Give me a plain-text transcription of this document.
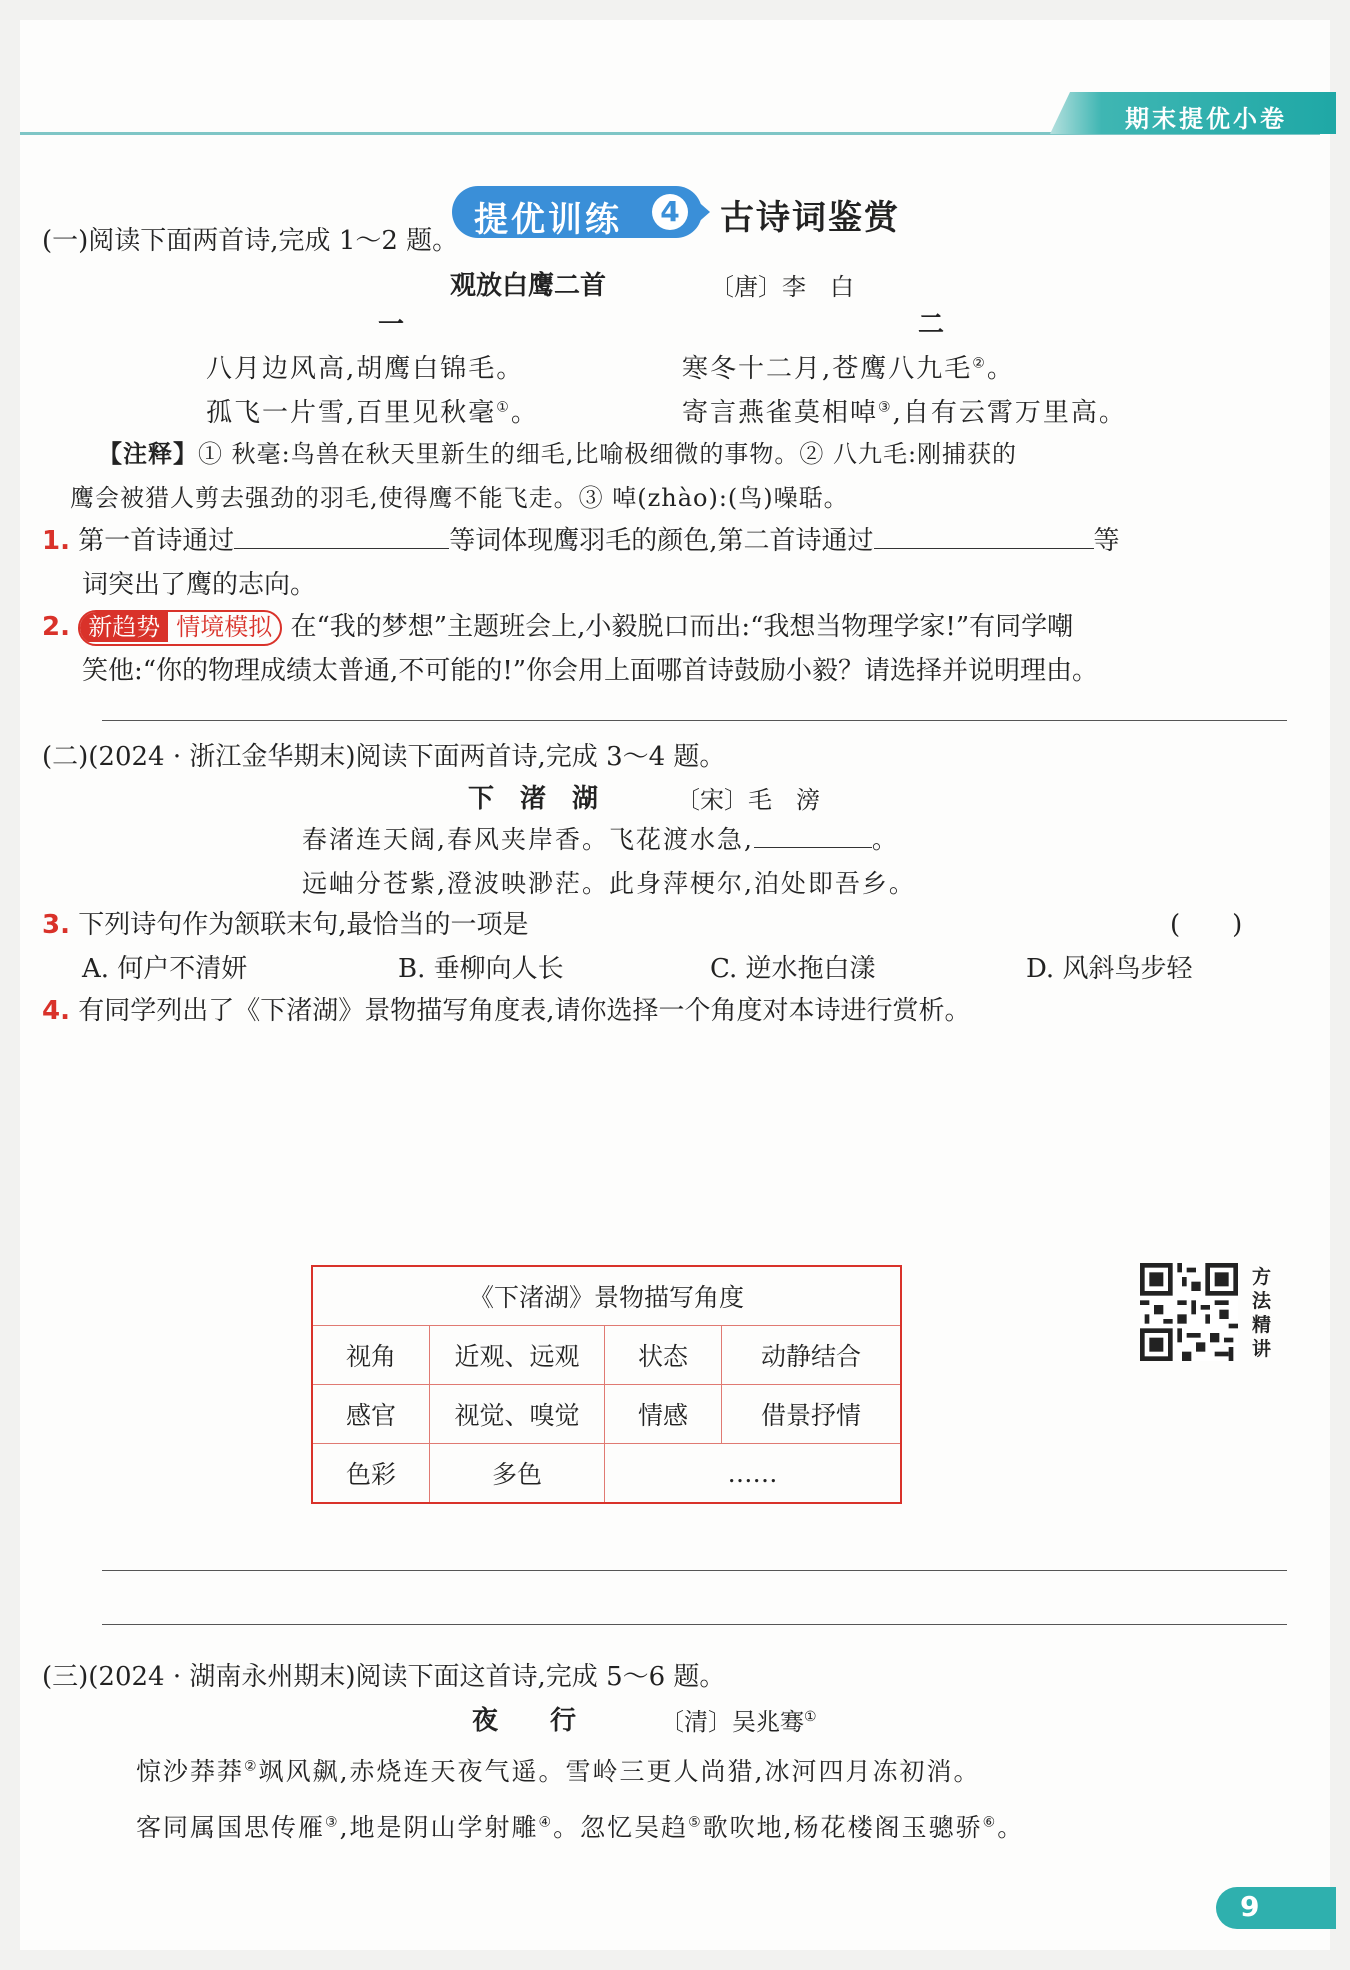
期末提优小卷
提优训练 4 古诗词鉴赏
(一)阅读下面两首诗,完成 1～2 题。
观放白鹰二首	〔唐〕李　白
一	二
八月边风高,胡鹰白锦毛。
孤飞一片雪,百里见秋毫①。
寒冬十二月,苍鹰八九毛②。
寄言燕雀莫相啅③,自有云霄万里高。
【注释】① 秋毫:鸟兽在秋天里新生的细毛,比喻极细微的事物。② 八九毛:刚捕获的
鹰会被猎人剪去强劲的羽毛,使得鹰不能飞走。③ 啅(zhào):(鸟)噪聒。
1. 第一首诗通过	等词体现鹰羽毛的颜色,第二首诗通过	等
词突出了鹰的志向。
2. 新趋势 情境模拟 在“我的梦想”主题班会上,小毅脱口而出:“我想当物理学家!”有同学嘲
笑他:“你的物理成绩太普通,不可能的!”你会用上面哪首诗鼓励小毅？请选择并说明理由。
(二)(2024 · 浙江金华期末)阅读下面两首诗,完成 3～4 题。
下　渚　湖	〔宋〕毛　滂
春渚连天阔,春风夹岸香。飞花渡水急,	。
远岫分苍紫,澄波映渺茫。此身萍梗尔,泊处即吾乡。
3. 下列诗句作为颔联末句,最恰当的一项是	(　　)
A. 何户不清妍	B. 垂柳向人长	C. 逆水拖白漾	D. 风斜鸟步轻
4. 有同学列出了《下渚湖》景物描写角度表,请你选择一个角度对本诗进行赏析。
《下渚湖》景物描写角度			
视角	近观、远观	状态	动静结合
感官	视觉、嗅觉	情感	借景抒情
色彩	多色	……	
方法精讲
(三)(2024 · 湖南永州期末)阅读下面这首诗,完成 5～6 题。
夜　　行	〔清〕吴兆骞①
惊沙莽莽②飒风飙,赤烧连天夜气遥。雪岭三更人尚猎,冰河四月冻初消。
客同属国思传雁③,地是阴山学射雕④。忽忆吴趋⑤歌吹地,杨花楼阁玉骢骄⑥。
9
